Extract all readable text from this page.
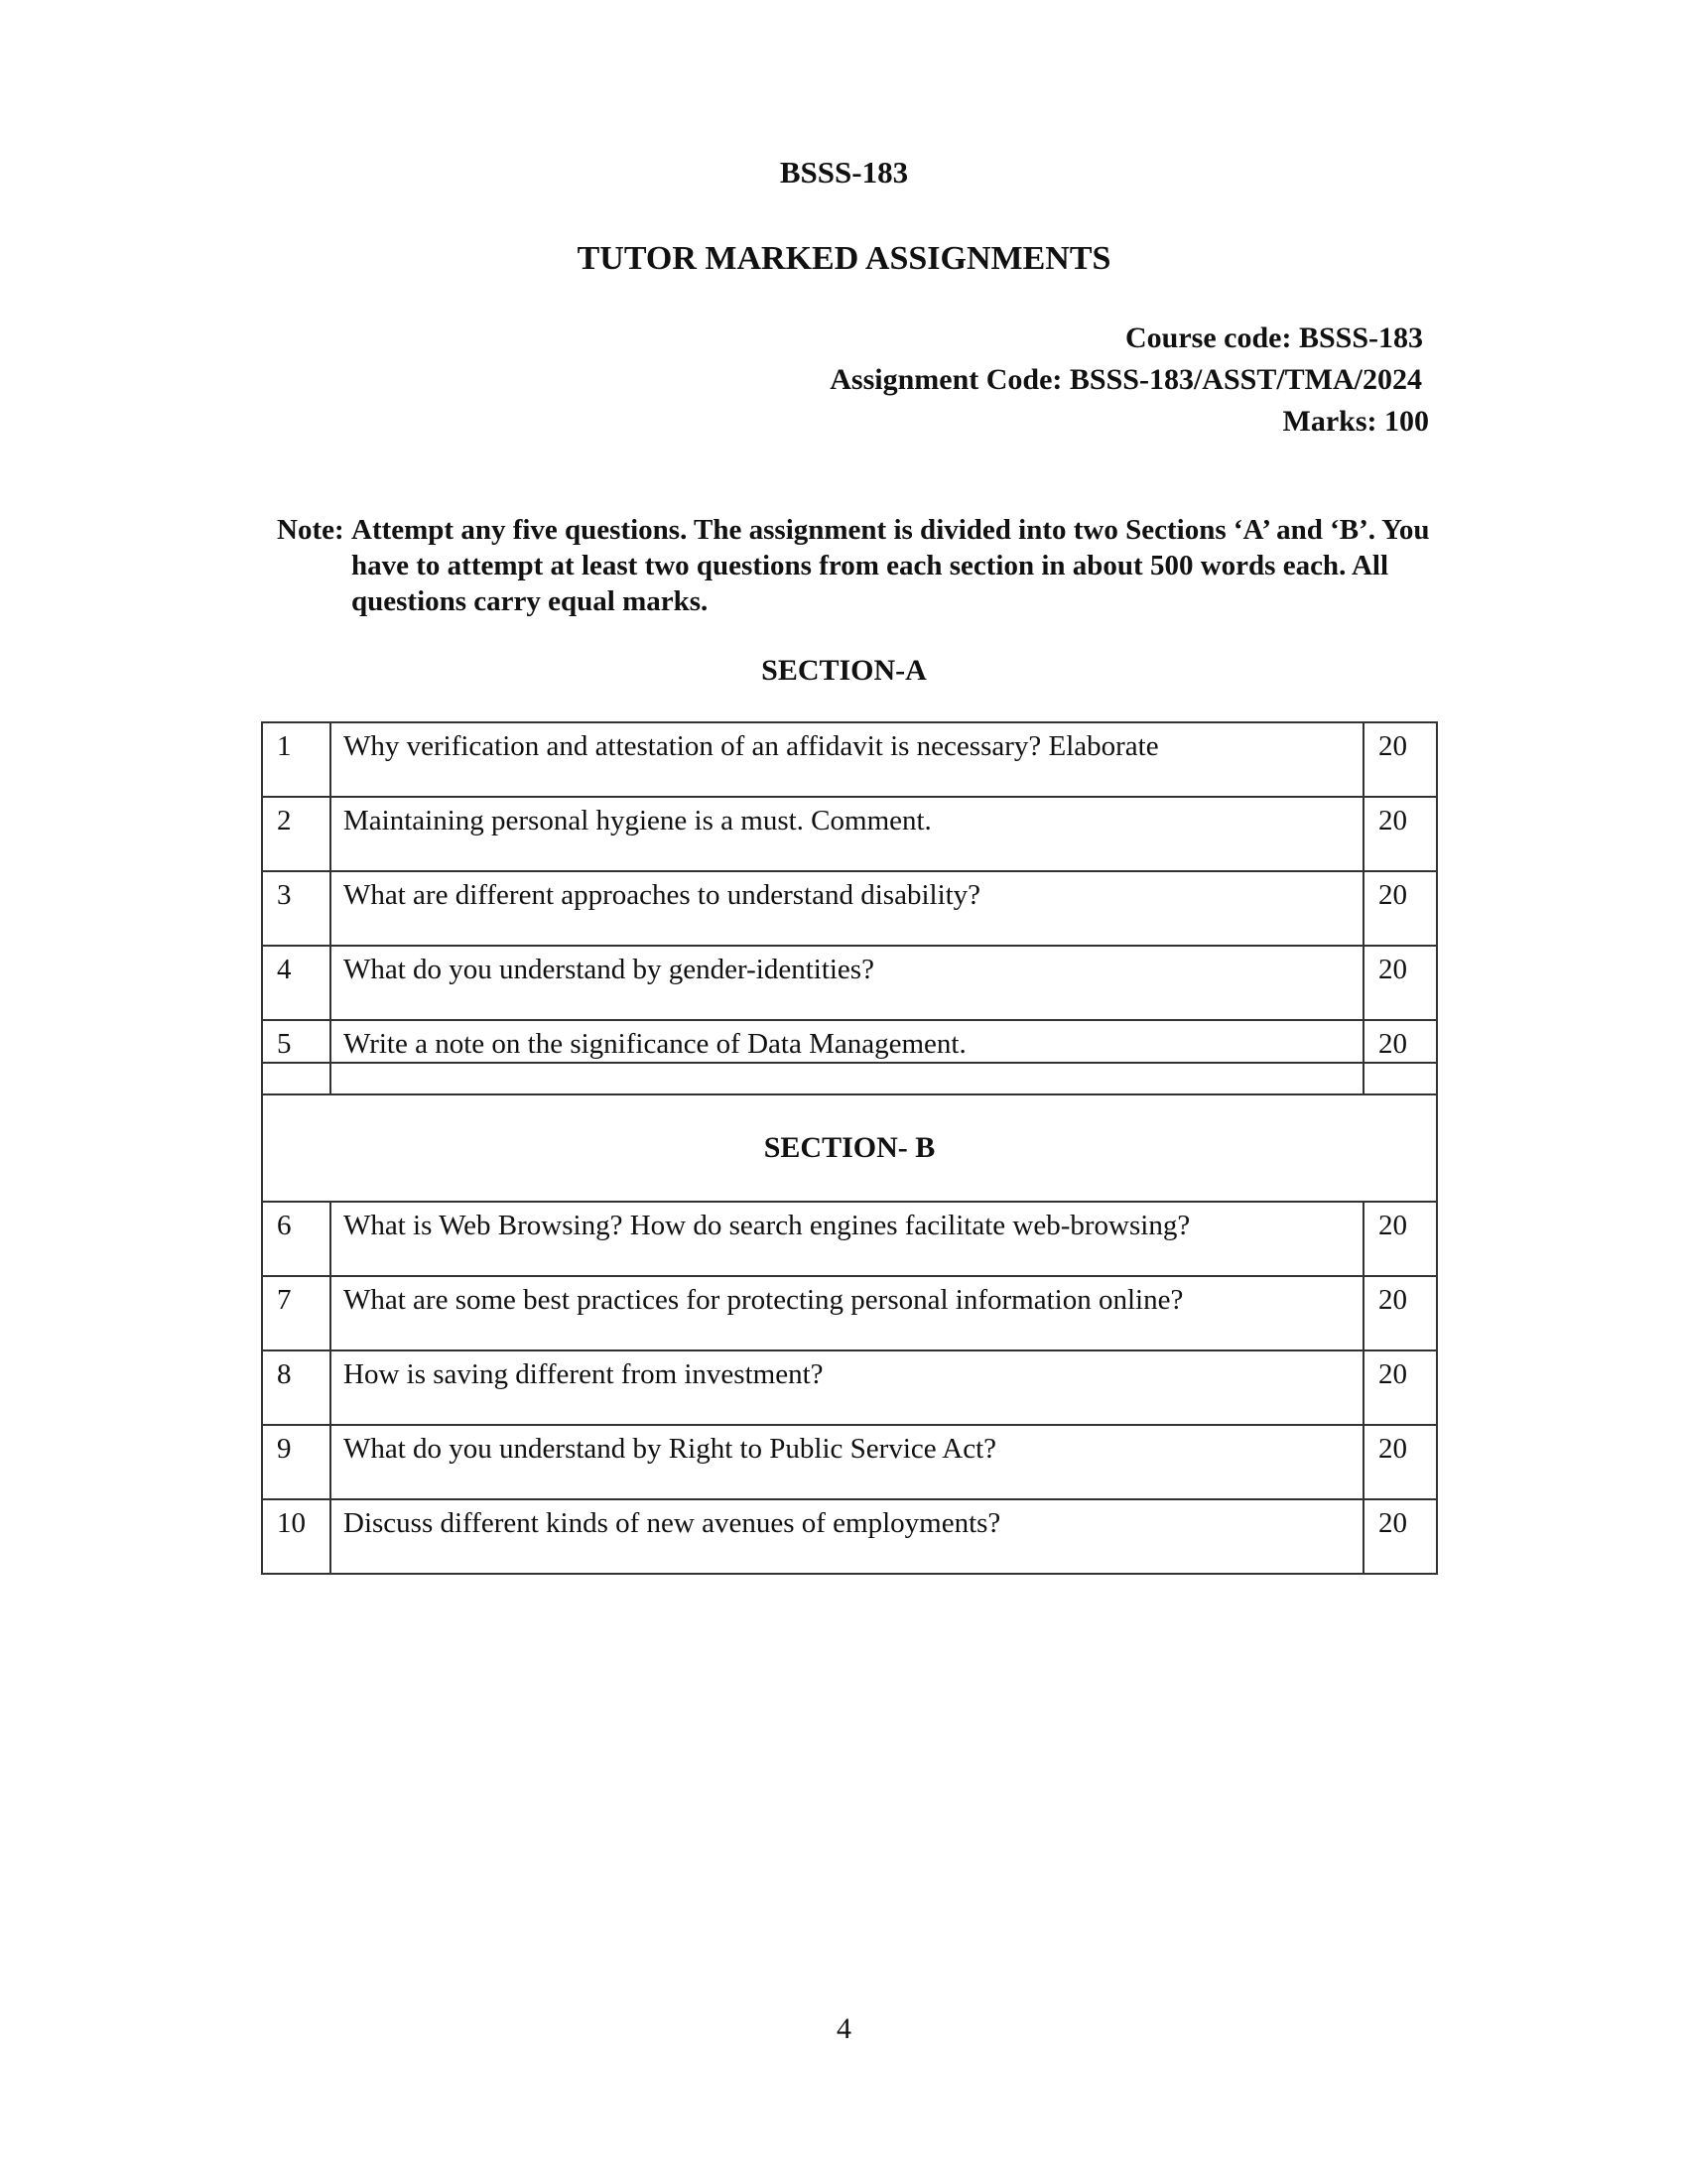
BSSS-183
TUTOR MARKED ASSIGNMENTS
Course code: BSSS-183
Assignment Code: BSSS-183/ASST/TMA/2024
Marks: 100
Note: Attempt any five questions. The assignment is divided into two Sections ‘A’ and ‘B’. You have to attempt at least two questions from each section in about 500 words each. All questions carry equal marks.
SECTION-A
1	Why verification and attestation of an affidavit is necessary? Elaborate	20
2	Maintaining personal hygiene is a must. Comment.	20
3	What are different approaches to understand disability?	20
4	What do you understand by gender-identities?	20
5	Write a note on the significance of Data Management.	20

SECTION- B		
6	What is Web Browsing? How do search engines facilitate web-browsing?	20
7	What are some best practices for protecting personal information online?	20
8	How is saving different from investment?	20
9	What do you understand by Right to Public Service Act?	20
10	Discuss different kinds of new avenues of employments?	20
4
